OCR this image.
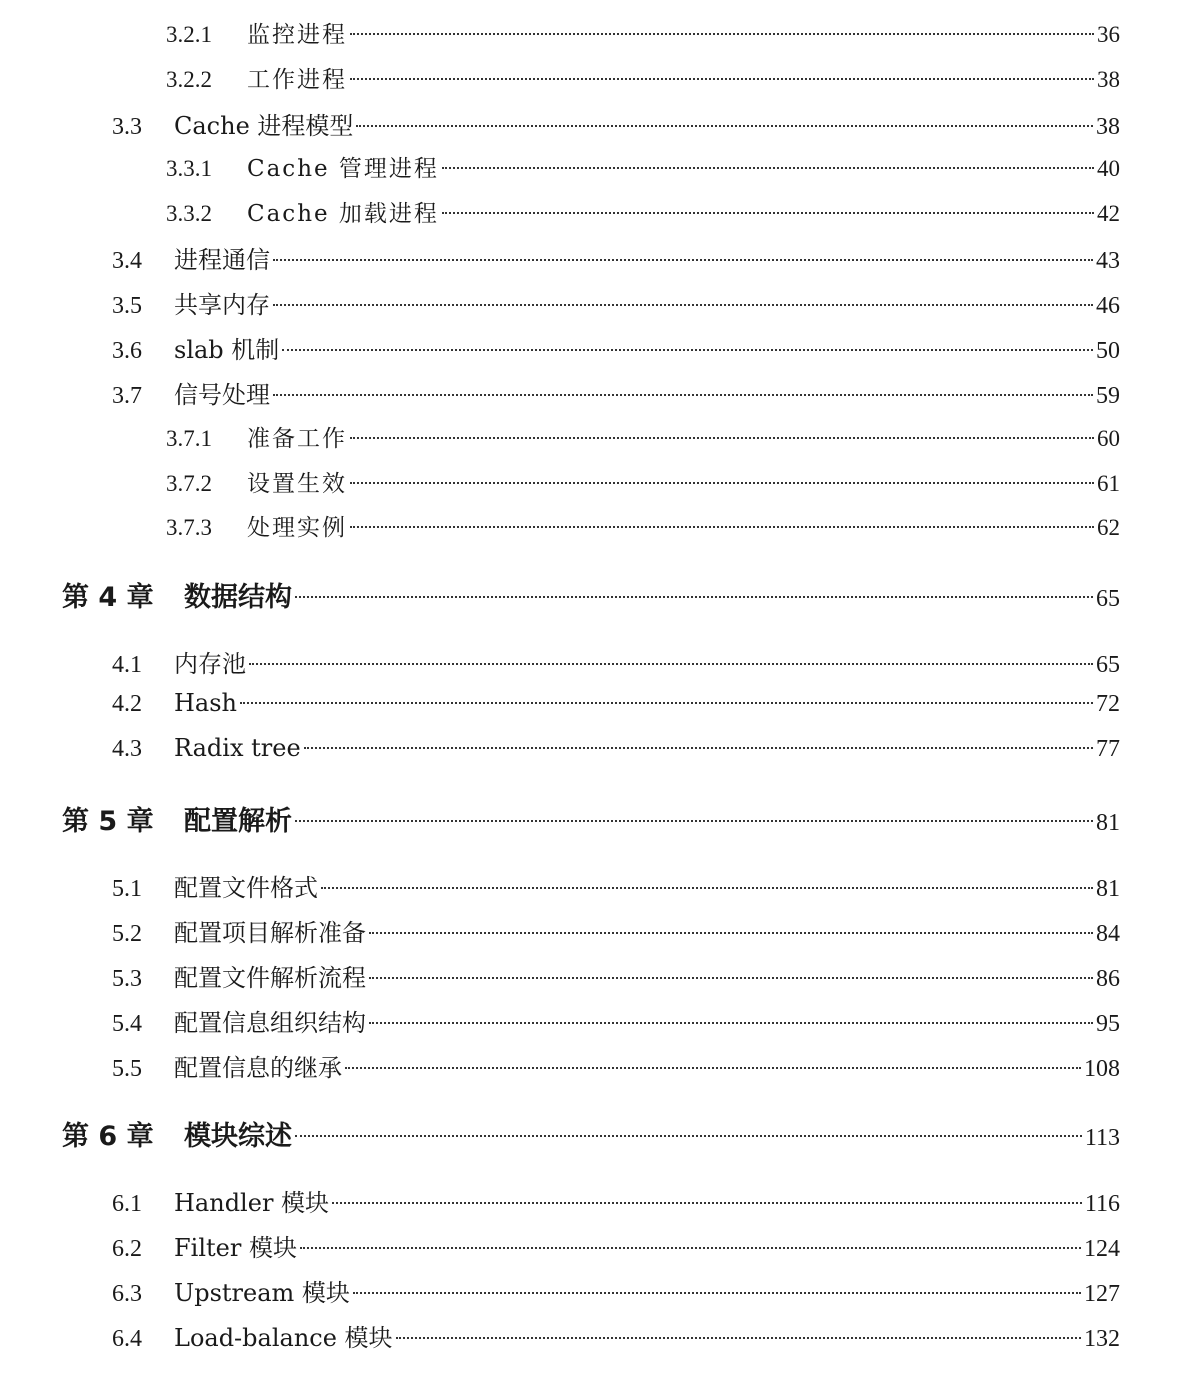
3.2.1	监控进程	36
3.2.2	工作进程	38
3.3	Cache 进程模型	38
3.3.1	Cache 管理进程	40
3.3.2	Cache 加载进程	42
3.4	进程通信	43
3.5	共享内存	46
3.6	slab 机制	50
3.7	信号处理	59
3.7.1	准备工作	60
3.7.2	设置生效	61
3.7.3	处理实例	62
第 4 章	数据结构	65
4.1	内存池	65
4.2	Hash	72
4.3	Radix tree	77
第 5 章	配置解析	81
5.1	配置文件格式	81
5.2	配置项目解析准备	84
5.3	配置文件解析流程	86
5.4	配置信息组织结构	95
5.5	配置信息的继承	108
第 6 章	模块综述	113
6.1	Handler 模块	116
6.2	Filter 模块	124
6.3	Upstream 模块	127
6.4	Load-balance 模块	132
